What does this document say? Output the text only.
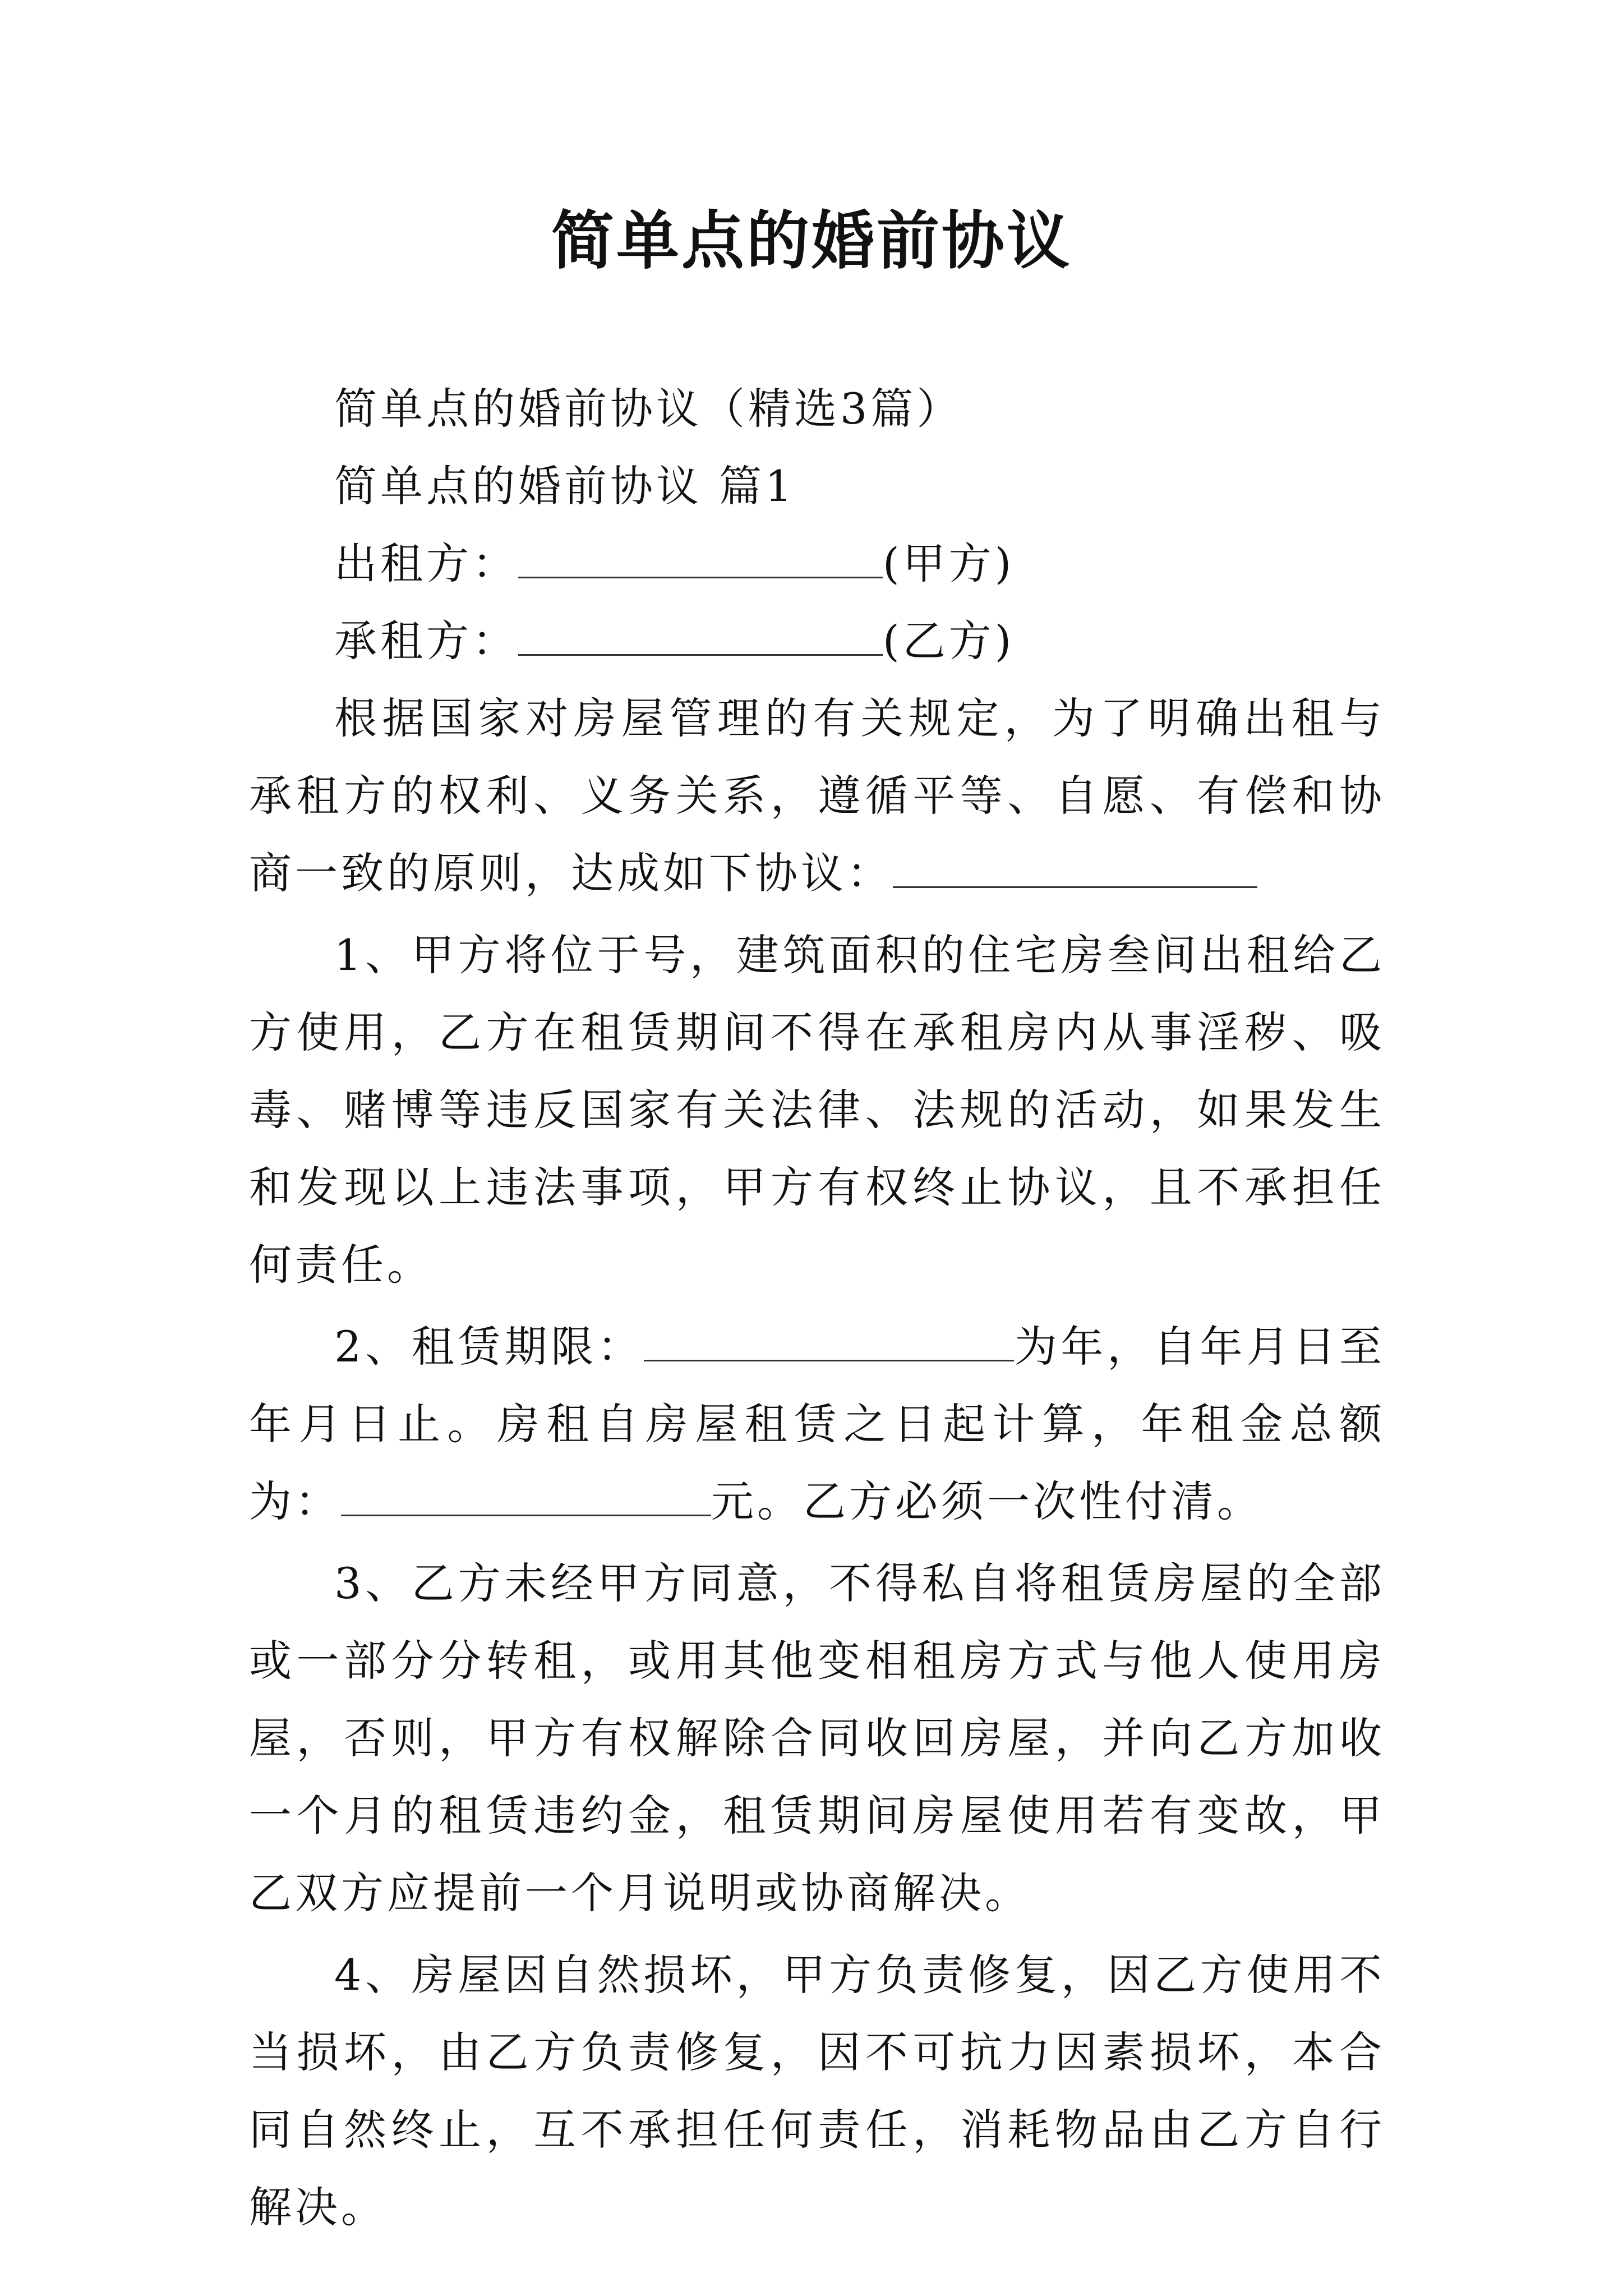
简单点的婚前协议

简单点的婚前协议（精选3篇）

简单点的婚前协议 篇1

出租方：	(甲方)

承租方：	(乙方)

根据国家对房屋管理的有关规定，为了明确出租与承租方的权利、义务关系，遵循平等、自愿、有偿和协商一致的原则，达成如下协议：

1、甲方将位于号，建筑面积的住宅房叁间出租给乙方使用，乙方在租赁期间不得在承租房内从事淫秽、吸毒、赌博等违反国家有关法律、法规的活动，如果发生和发现以上违法事项，甲方有权终止协议，且不承担任何责任。

2、租赁期限：	为年，自年月日至年月日止。房租自房屋租赁之日起计算，年租金总额为：	元。乙方必须一次性付清。

3、乙方未经甲方同意，不得私自将租赁房屋的全部或一部分分转租，或用其他变相租房方式与他人使用房屋，否则，甲方有权解除合同收回房屋，并向乙方加收一个月的租赁违约金，租赁期间房屋使用若有变故，甲乙双方应提前一个月说明或协商解决。

4、房屋因自然损坏，甲方负责修复，因乙方使用不当损坏，由乙方负责修复，因不可抗力因素损坏，本合同自然终止，互不承担任何责任，消耗物品由乙方自行解决。
